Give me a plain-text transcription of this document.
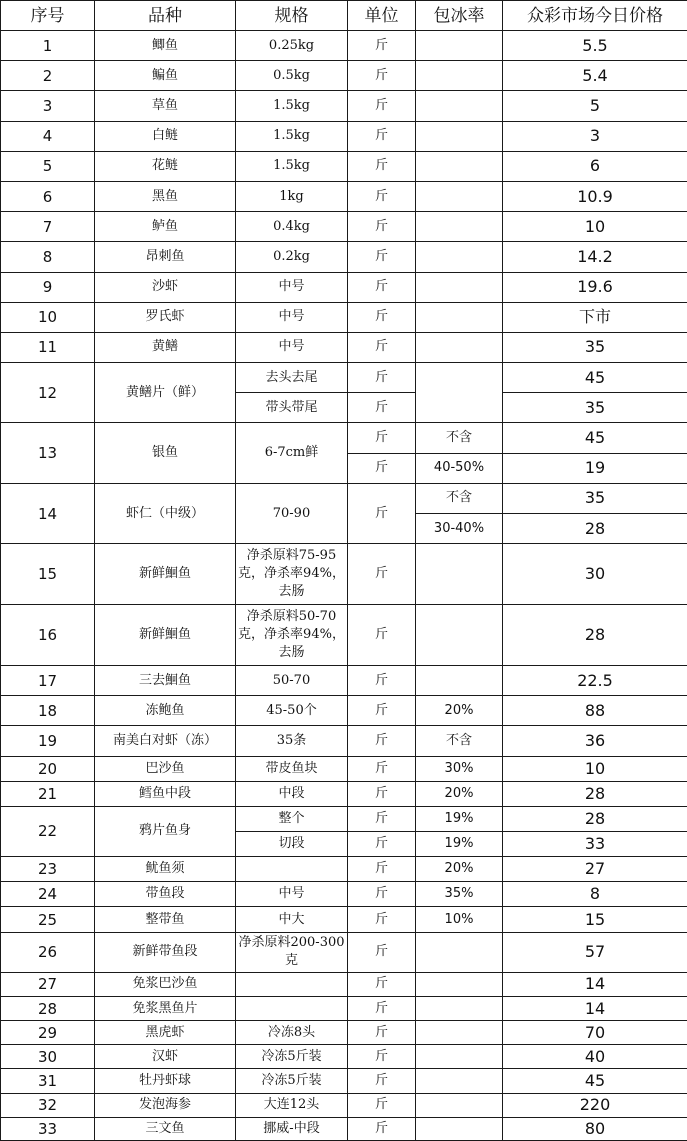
序号	品种	规格	单位	包冰率	众彩市场今日价格
1	鲫鱼	0.25kg	斤		5.5
2	鳊鱼	0.5kg	斤		5.4
3	草鱼	1.5kg	斤		5
4	白鲢	1.5kg	斤		3
5	花鲢	1.5kg	斤		6
6	黑鱼	1kg	斤		10.9
7	鲈鱼	0.4kg	斤		10
8	昂刺鱼	0.2kg	斤		14.2
9	沙虾	中号	斤		19.6
10	罗氏虾	中号	斤		下市
11	黄鳝	中号	斤		35
12	黄鳝片（鲜）	去头去尾	斤		45
		带头带尾	斤		35
13	银鱼	6-7cm鲜	斤	不含	45
			斤	40-50%	19
14	虾仁（中级）	70-90	斤	不含	35
				30-40%	28
15	新鲜鮰鱼	净杀原料75-95克，净杀率94%，去肠	斤		30
16	新鲜鮰鱼	净杀原料50-70克，净杀率94%，去肠	斤		28
17	三去鮰鱼	50-70	斤		22.5
18	冻鲍鱼	45-50个	斤	20%	88
19	南美白对虾（冻）	35条	斤	不含	36
20	巴沙鱼	带皮鱼块	斤	30%	10
21	鳕鱼中段	中段	斤	20%	28
22	鸦片鱼身	整个	斤	19%	28
		切段	斤	19%	33
23	鱿鱼须		斤	20%	27
24	带鱼段	中号	斤	35%	8
25	整带鱼	中大	斤	10%	15
26	新鲜带鱼段	净杀原料200-300克	斤		57
27	免浆巴沙鱼		斤		14
28	免浆黑鱼片		斤		14
29	黑虎虾	冷冻8头	斤		70
30	汉虾	冷冻5斤装	斤		40
31	牡丹虾球	冷冻5斤装	斤		45
32	发泡海参	大连12头	斤		220
33	三文鱼	挪威-中段	斤		80
